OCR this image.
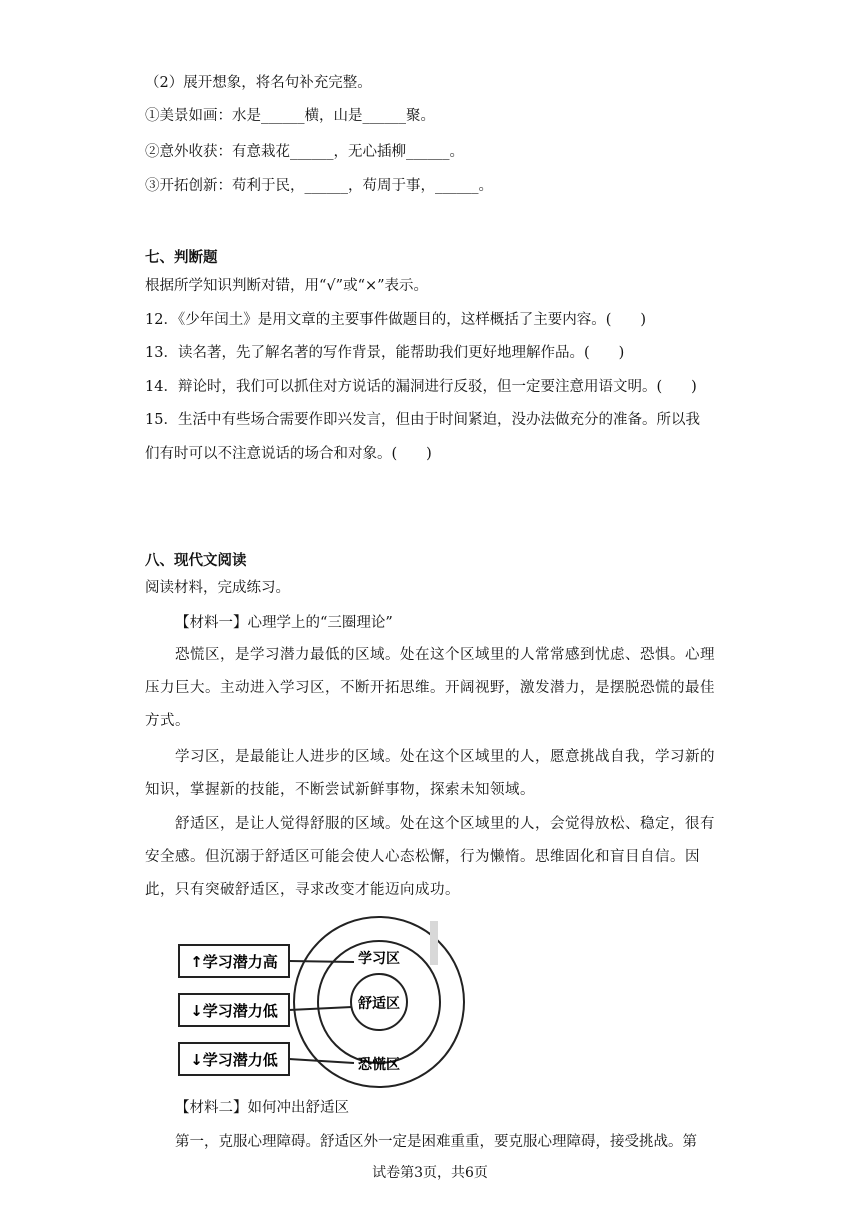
（2）展开想象，将名句补充完整。
①美景如画：水是______横，山是______聚。
②意外收获：有意栽花______，无心插柳______。
③开拓创新：苟利于民，______，苟周于事，______。
七、判断题
根据所学知识判断对错，用“√”或“×”表示。
12．《少年闰土》是用文章的主要事件做题目的，这样概括了主要内容。(　　)
13．读名著，先了解名著的写作背景，能帮助我们更好地理解作品。(　　)
14．辩论时，我们可以抓住对方说话的漏洞进行反驳，但一定要注意用语文明。(　　)
15．生活中有些场合需要作即兴发言，但由于时间紧迫，没办法做充分的准备。所以我
们有时可以不注意说话的场合和对象。(　　)
八、现代文阅读
阅读材料，完成练习。
【材料一】心理学上的“三圈理论”
恐慌区，是学习潜力最低的区域。处在这个区域里的人常常感到忧虑、恐惧。心理压力巨大。主动进入学习区，不断开拓思维。开阔视野，激发潜力，是摆脱恐慌的最佳方式。
学习区，是最能让人进步的区域。处在这个区域里的人，愿意挑战自我，学习新的知识，掌握新的技能，不断尝试新鲜事物，探索未知领域。
舒适区，是让人觉得舒服的区域。处在这个区域里的人，会觉得放松、稳定，很有安全感。但沉溺于舒适区可能会使人心态松懈，行为懒惰。思维固化和盲目自信。因此，只有突破舒适区，寻求改变才能迈向成功。
↑学习潜力高
↓学习潜力低
↓学习潜力低
学习区
舒适区
恐慌区
【材料二】如何冲出舒适区
第一，克服心理障碍。舒适区外一定是困难重重，要克服心理障碍，接受挑战。第
试卷第3页，共6页
